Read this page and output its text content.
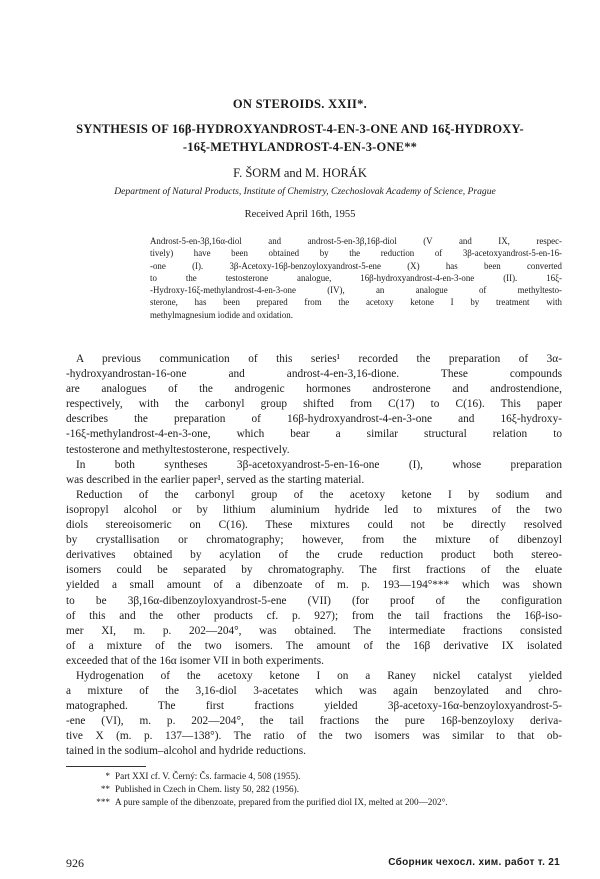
ON STEROIDS. XXII*.
SYNTHESIS OF 16β-HYDROXYANDROST-4-EN-3-ONE AND 16ξ-HYDROXY-
-16ξ-METHYLANDROST-4-EN-3-ONE**
F. ŠORM and M. HORÁK
Department of Natural Products, Institute of Chemistry, Czechoslovak Academy of Science, Prague
Received April 16th, 1955
Androst-5-en-3β,16α-diol and androst-5-en-3β,16β-diol (V and IX, respec-
tively) have been obtained by the reduction of 3β-acetoxyandrost-5-en-16-
-one (I). 3β-Acetoxy-16β-benzoyloxyandrost-5-ene (X) has been converted
to the testosterone analogue, 16β-hydroxyandrost-4-en-3-one (II). 16ξ-
-Hydroxy-16ξ-methylandrost-4-en-3-one (IV), an analogue of methyltesto-
sterone, has been prepared from the acetoxy ketone I by treatment with
methylmagnesium iodide and oxidation.
A previous communication of this series¹ recorded the preparation of 3α-
-hydroxyandrostan-16-one and androst-4-en-3,16-dione. These compounds
are analogues of the androgenic hormones androsterone and androstendione,
respectively, with the carbonyl group shifted from C(17) to C(16). This paper
describes the preparation of 16β-hydroxyandrost-4-en-3-one and 16ξ-hydroxy-
-16ξ-methylandrost-4-en-3-one, which bear a similar structural relation to
testosterone and methyltestosterone, respectively.
In both syntheses 3β-acetoxyandrost-5-en-16-one (I), whose preparation
was described in the earlier paper¹, served as the starting material.
Reduction of the carbonyl group of the acetoxy ketone I by sodium and
isopropyl alcohol or by lithium aluminium hydride led to mixtures of the two
diols stereoisomeric on C(16). These mixtures could not be directly resolved
by crystallisation or chromatography; however, from the mixture of dibenzoyl
derivatives obtained by acylation of the crude reduction product both stereo-
isomers could be separated by chromatography. The first fractions of the eluate
yielded a small amount of a dibenzoate of m. p. 193—194°*** which was shown
to be 3β,16α-dibenzoyloxyandrost-5-ene (VII) (for proof of the configuration
of this and the other products cf. p. 927); from the tail fractions the 16β-iso-
mer XI, m. p. 202—204°, was obtained. The intermediate fractions consisted
of a mixture of the two isomers. The amount of the 16β derivative IX isolated
exceeded that of the 16α isomer VII in both experiments.
Hydrogenation of the acetoxy ketone I on a Raney nickel catalyst yielded
a mixture of the 3,16-diol 3-acetates which was again benzoylated and chro-
matographed. The first fractions yielded 3β-acetoxy-16α-benzoyloxyandrost-5-
-ene (VI), m. p. 202—204°, the tail fractions the pure 16β-benzoyloxy deriva-
tive X (m. p. 137—138°). The ratio of the two isomers was similar to that ob-
tained in the sodium–alcohol and hydride reductions.
* Part XXI cf. V. Černý: Čs. farmacie 4, 508 (1955).
** Published in Czech in Chem. listy 50, 282 (1956).
*** A pure sample of the dibenzoate, prepared from the purified diol IX, melted at 200—202°.
926	Сборник чехосл. хим. работ т. 21
